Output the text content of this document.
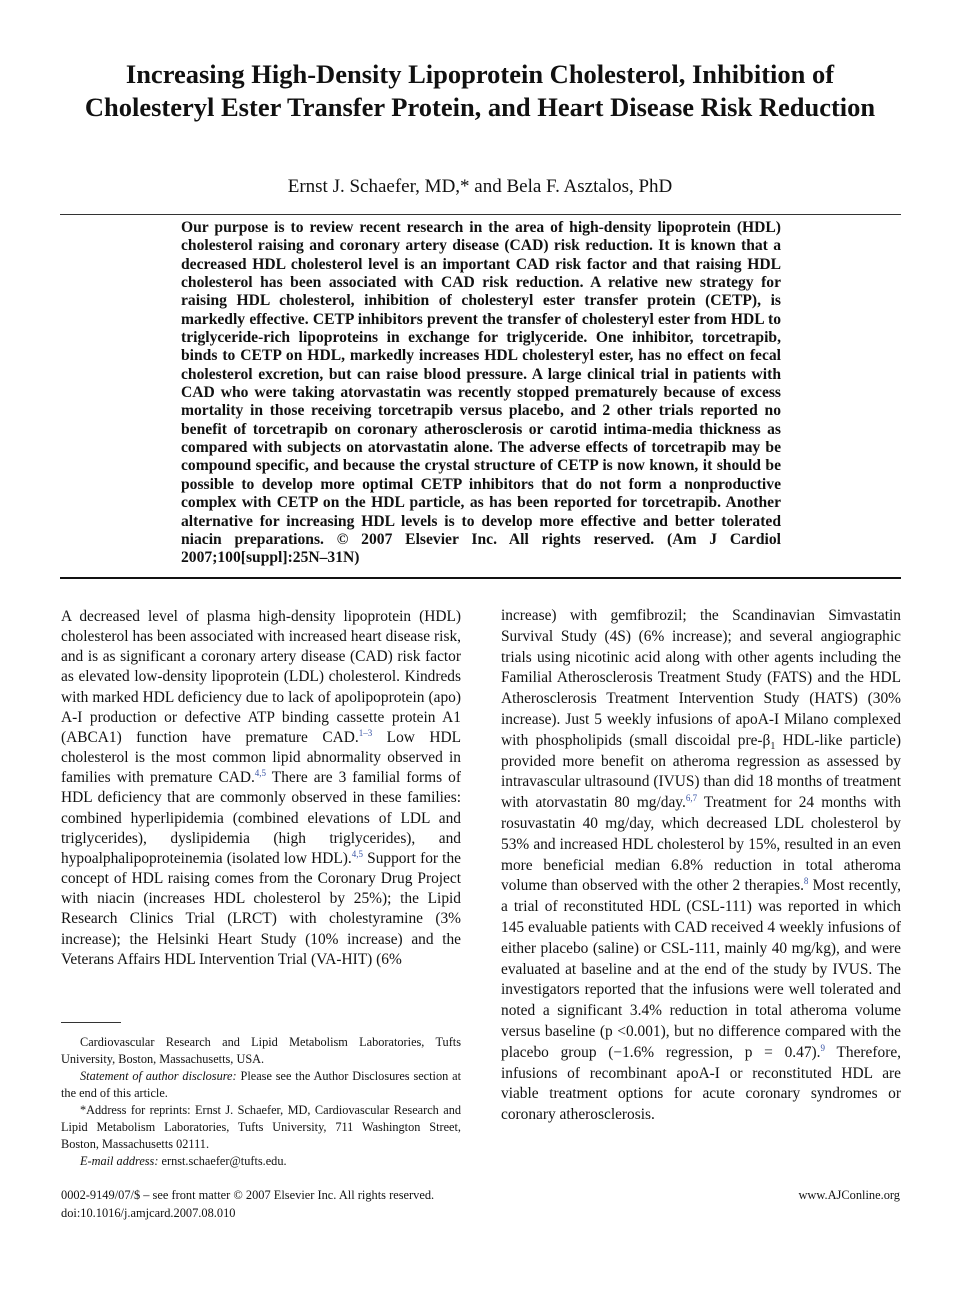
Increasing High-Density Lipoprotein Cholesterol, Inhibition of Cholesteryl Ester Transfer Protein, and Heart Disease Risk Reduction
Ernst J. Schaefer, MD,* and Bela F. Asztalos, PhD

Our purpose is to review recent research in the area of high-density lipoprotein (HDL) cholesterol raising and coronary artery disease (CAD) risk reduction. It is known that a decreased HDL cholesterol level is an important CAD risk factor and that raising HDL cholesterol has been associated with CAD risk reduction. A relative new strategy for raising HDL cholesterol, inhibition of cholesteryl ester transfer protein (CETP), is markedly effective. CETP inhibitors prevent the transfer of cholesteryl ester from HDL to triglyceride-rich lipoproteins in exchange for triglyceride. One inhibitor, torcetrapib, binds to CETP on HDL, markedly increases HDL cholesteryl ester, has no effect on fecal cholesterol excretion, but can raise blood pressure. A large clinical trial in patients with CAD who were taking atorvastatin was recently stopped prematurely because of excess mortality in those receiving torcetrapib versus placebo, and 2 other trials reported no benefit of torcetrapib on coronary atherosclerosis or carotid intima-media thickness as compared with subjects on atorvastatin alone. The adverse effects of torcetrapib may be compound specific, and because the crystal structure of CETP is now known, it should be possible to develop more optimal CETP inhibitors that do not form a nonproductive complex with CETP on the HDL particle, as has been reported for torcetrapib. Another alternative for increasing HDL levels is to develop more effective and better tolerated niacin preparations. © 2007 Elsevier Inc. All rights reserved. (Am J Cardiol 2007;100[suppl]:25N–31N)

A decreased level of plasma high-density lipoprotein (HDL) cholesterol has been associated with increased heart disease risk, and is as significant a coronary artery disease (CAD) risk factor as elevated low-density lipoprotein (LDL) cholesterol. Kindreds with marked HDL deficiency due to lack of apolipoprotein (apo) A-I production or defective ATP binding cassette protein A1 (ABCA1) function have premature CAD.$^{1-3}$ Low HDL cholesterol is the most common lipid abnormality observed in families with premature CAD.$^{4,5}$ There are 3 familial forms of HDL deficiency that are commonly observed in these families: combined hyperlipidemia (combined elevations of LDL and triglycerides), dyslipidemia (high triglycerides), and hypoalphalipoproteinemia (isolated low HDL).$^{4,5}$ Support for the concept of HDL raising comes from the Coronary Drug Project with niacin (increases HDL cholesterol by 25%); the Lipid Research Clinics Trial (LRCT) with cholestyramine (3% increase); the Helsinki Heart Study (10% increase) and the Veterans Affairs HDL Intervention Trial (VA-HIT) (6%

increase) with gemfibrozil; the Scandinavian Simvastatin Survival Study (4S) (6% increase); and several angiographic trials using nicotinic acid along with other agents including the Familial Atherosclerosis Treatment Study (FATS) and the HDL Atherosclerosis Treatment Intervention Study (HATS) (30% increase). Just 5 weekly infusions of apoA-I Milano complexed with phospholipids (small discoidal pre-$\beta_1$ HDL-like particle) provided more benefit on atheroma regression as assessed by intravascular ultrasound (IVUS) than did 18 months of treatment with atorvastatin 80 mg/day.$^{6,7}$ Treatment for 24 months with rosuvastatin 40 mg/day, which decreased LDL cholesterol by 53% and increased HDL cholesterol by 15%, resulted in an even more beneficial median 6.8% reduction in total atheroma volume than observed with the other 2 therapies.$^8$ Most recently, a trial of reconstituted HDL (CSL-111) was reported in which 145 evaluable patients with CAD received 4 weekly infusions of either placebo (saline) or CSL-111, mainly 40 mg/kg), and were evaluated at baseline and at the end of the study by IVUS. The investigators reported that the infusions were well tolerated and noted a significant 3.4% reduction in total atheroma volume versus baseline (p <0.001), but no difference compared with the placebo group (−1.6% regression, p = 0.47).$^9$ Therefore, infusions of recombinant apoA-I or reconstituted HDL are viable treatment options for acute coronary syndromes or coronary atherosclerosis.

Cardiovascular Research and Lipid Metabolism Laboratories, Tufts University, Boston, Massachusetts, USA.

Statement of author disclosure: Please see the Author Disclosures section at the end of this article.

*Address for reprints: Ernst J. Schaefer, MD, Cardiovascular Research and Lipid Metabolism Laboratories, Tufts University, 711 Washington Street, Boston, Massachusetts 02111.

E-mail address: ernst.schaefer@tufts.edu.

0002-9149/07/$ – see front matter © 2007 Elsevier Inc. All rights reserved.
doi:10.1016/j.amjcard.2007.08.010
www.AJConline.org
